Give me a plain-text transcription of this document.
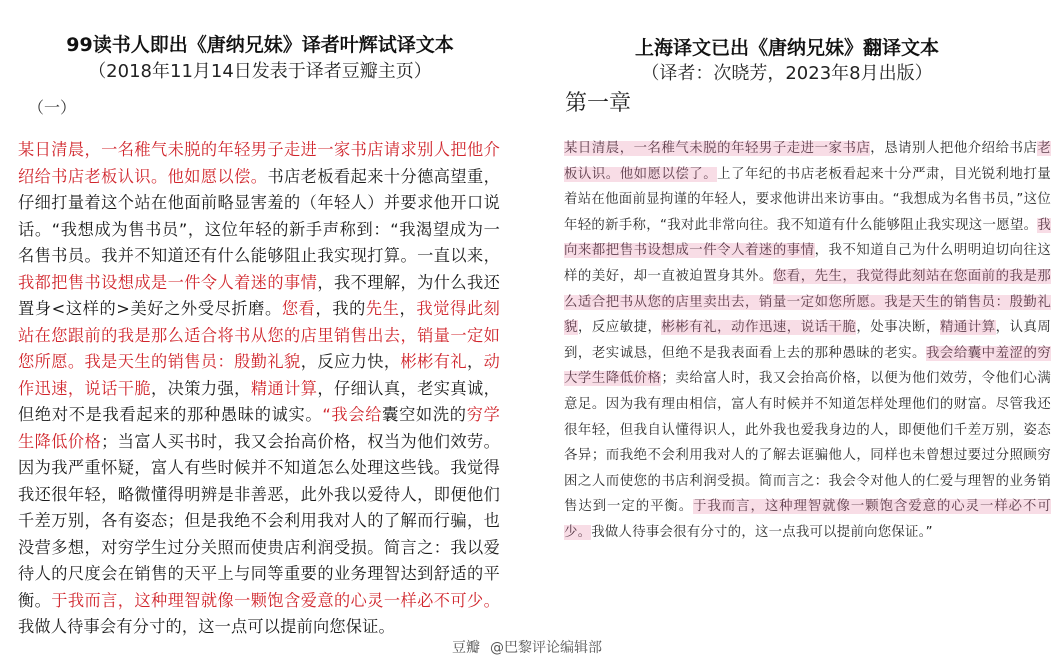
99读书人即出《唐纳兄妹》译者叶辉试译文本
（2018年11月14日发表于译者豆瓣主页）
（一）

某日清晨，一名稚气未脱的年轻男子走进一家书店请求别人把他介绍给书店老板认识。他如愿以偿。书店老板看起来十分德高望重，仔细打量着这个站在他面前略显害羞的（年轻人）并要求他开口说话。“我想成为售书员”，这位年轻的新手声称到：“我渴望成为一名售书员。我并不知道还有什么能够阻止我实现打算。一直以来，我都把售书设想成是一件令人着迷的事情，我不理解，为什么我还置身<这样的>美好之外受尽折磨。您看，我的先生，我觉得此刻站在您跟前的我是那么适合将书从您的店里销售出去，销量一定如您所愿。我是天生的销售员：殷勤礼貌，反应力快，彬彬有礼，动作迅速，说话干脆，决策力强，精通计算，仔细认真，老实真诚，但绝对不是我看起来的那种愚昧的诚实。“我会给囊空如洗的穷学生降低价格；当富人买书时，我又会抬高价格，权当为他们效劳。因为我严重怀疑，富人有些时候并不知道怎么处理这些钱。我觉得我还很年轻，略微懂得明辨是非善恶，此外我以爱待人，即便他们千差万别，各有姿态；但是我绝不会利用我对人的了解而行骗，也没营多想，对穷学生过分关照而使贵店利润受损。简言之：我以爱待人的尺度会在销售的天平上与同等重要的业务理智达到舒适的平衡。于我而言，这种理智就像一颗饱含爱意的心灵一样必不可少。我做人待事会有分寸的，这一点可以提前向您保证。

上海译文已出《唐纳兄妹》翻译文本
（译者：次晓芳，2023年8月出版）
第一章

某日清晨，一名稚气未脱的年轻男子走进一家书店，恳请别人把他介绍给书店老板认识。他如愿以偿了。上了年纪的书店老板看起来十分严肃，目光锐利地打量着站在他面前显拘谨的年轻人，要求他讲出来访事由。“我想成为名售书员，”这位年轻的新手称，“我对此非常向往。我不知道有什么能够阻止我实现这一愿望。我向来都把售书设想成一件令人着迷的事情，我不知道自己为什么明明迫切向往这样的美好，却一直被迫置身其外。您看，先生，我觉得此刻站在您面前的我是那么适合把书从您的店里卖出去，销量一定如您所愿。我是天生的销售员：殷勤礼貌，反应敏捷，彬彬有礼，动作迅速，说话干脆，处事决断，精通计算，认真周到，老实诚恳，但绝不是我表面看上去的那种愚昧的老实。我会给囊中羞涩的穷大学生降低价格；卖给富人时，我又会抬高价格，以便为他们效劳，令他们心满意足。因为我有理由相信，富人有时候并不知道怎样处理他们的财富。尽管我还很年轻，但我自认懂得识人，此外我也爱我身边的人，即便他们千差万别，姿态各异；而我绝不会利用我对人的了解去诓骗他人，同样也未曾想过要过分照顾穷困之人而使您的书店利润受损。简而言之：我会令对他人的仁爱与理智的业务销售达到一定的平衡。于我而言，这种理智就像一颗饱含爱意的心灵一样必不可少。我做人待事会很有分寸的，这一点我可以提前向您保证。”

豆瓣 @巴黎评论编辑部
